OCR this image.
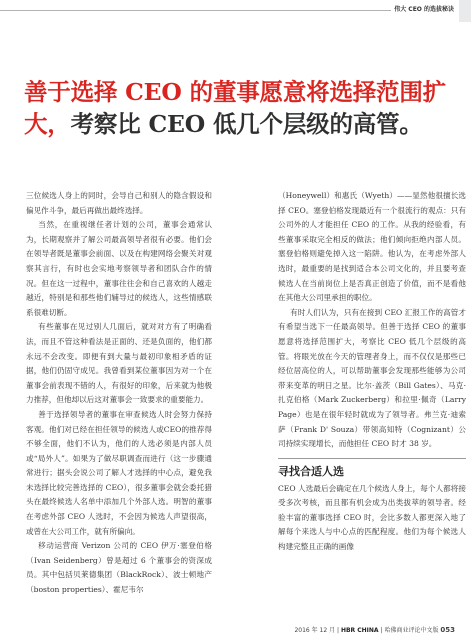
伟大 CEO 的选拔秘诀
善于选择 CEO 的董事愿意将选择范围扩大，考察比 CEO 低几个层级的高管。

三位候选人身上的同时，会导自己和别人的隐含假设和偏见作斗争，最后再做出最终选择。

当然，在重视继任者计划的公司，董事会通常认为，长期观察并了解公司最高领导者很有必要。他们会在领导者既是董事会前面、以及在构建网络会聚关对观察其言行，有时也会实地考察领导者和团队合作的情况。但在这一过程中，董事往往会和自己喜欢的人越走越近，特别是和那些他们辅导过的候选人，这些情感联系很难切断。

有些董事在见过别人几面后，就对对方有了明确看法，而且不管这种看法是正面的、还是负面的，他们都永远不会改变。即便有到大量与最初印象相矛盾的证据，他们仍固守成见。我曾看到某位董事因为对一个在董事会前表现不错的人，有很好的印象，后来就为他极力推荐，但他却以后这对董事会一致要求的重要能力。

善于选择领导者的董事在审查候选人时会努力保持客观。他们对已经在担任领导的候选人或CEO的推荐得不够全面，他们不认为，他们的人选必须是内部人员或“局外人”。如果为了做尽职调查而进行（这一步骤通常进行；据头会说公司了解人才选择的中心点，避免我未选择比较完善选择的 CEO），很多董事会就会委托猎头在最终候选人名单中添加几个外部人选。明智的董事在考虑外部 CEO 人选时，不会因为候选人声望很高，或曾在大公司工作，就有所偏向。

移动运营商 Verizon 公司的 CEO 伊万·塞登伯格（Ivan Seidenberg）曾是超过 6 个董事会的资深成员。其中包括贝莱德集团（BlackRock）、波士顿地产（boston properties）、霍尼韦尔

（Honeywell）和惠氏（Wyeth）——显然他很擅长选择 CEO。塞登伯格发现最近有一个很流行的观点：只有公司外的人才能担任 CEO 的工作。从我的经验看，有些董事采取完全相反的做法；他们倾向拒绝内部人员。塞登伯格则避免掉入这一陷阱。他认为，在考虑外部人选时，最重要的是找到适合本公司文化的，并且要考查候选人在当前岗位上是否真正创造了价值，而不是看他在其他大公司里承担的职位。

有时人们认为，只有在接到 CEO 汇报工作的高管才有希望当选下一任最高领导。但善于选择 CEO 的董事愿意将选择范围扩大，考察比 CEO 低几个层级的高管。将眼光放在今天的管理者身上，而不仅仅是那些已经位居高位的人，可以帮助董事会发现那些能够为公司带来变革的明日之星。比尔·盖茨（Bill Gates）、马克·扎克伯格（Mark Zuckerberg）和拉里·佩奇（Larry Page）也是在很年轻时就成为了领导者。弗兰克·迪索萨（Frank D' Souza）带领高知特（Cognizant）公司持续实现增长，而他担任 CEO 时才 38 岁。

寻找合适人选

CEO 人选最后会确定在几个候选人身上，每个人都将接受多次考核，而且都有机会成为出类拔萃的领导者。经验丰富的董事选择 CEO 时，会比多数人都更深入地了解每个来选人与中心点的匹配程度。他们为每个候选人构建完整且正确的画像

2016 年 12 月 | HBR CHINA | 哈佛商业评论中文版 053
